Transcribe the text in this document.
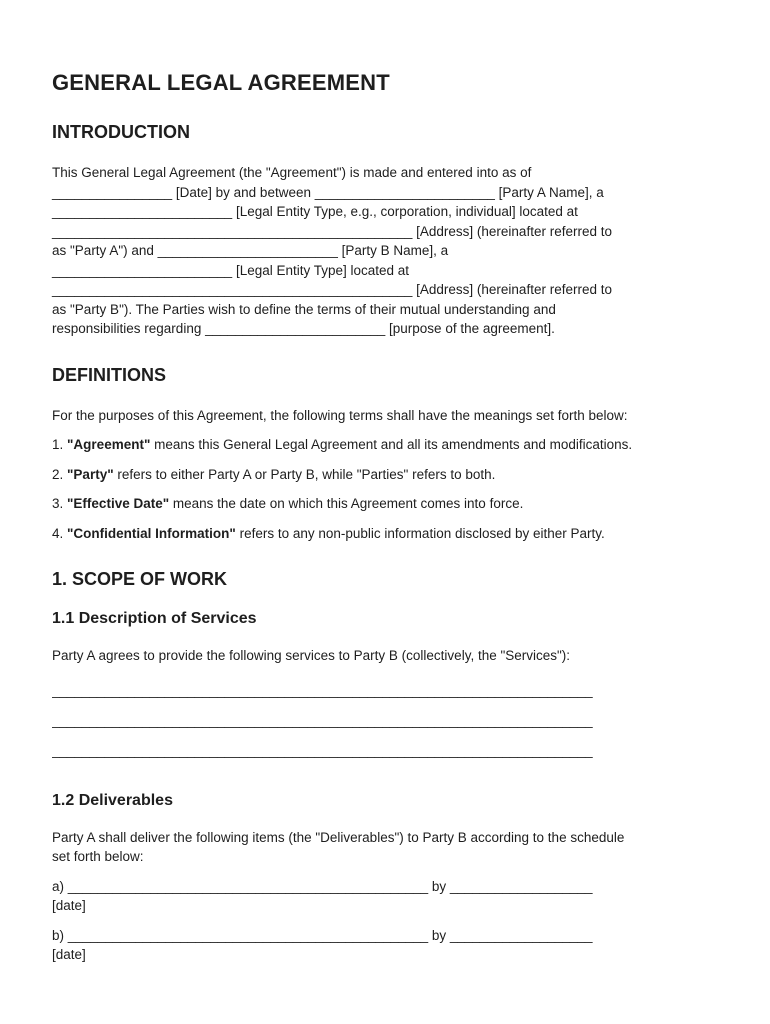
GENERAL LEGAL AGREEMENT
INTRODUCTION

This General Legal Agreement (the "Agreement") is made and entered into as of

________________ [Date] by and between ________________________ [Party A Name], a

________________________ [Legal Entity Type, e.g., corporation, individual] located at

________________________________________________ [Address] (hereinafter referred to

as "Party A") and ________________________ [Party B Name], a

________________________ [Legal Entity Type] located at

________________________________________________ [Address] (hereinafter referred to

as "Party B"). The Parties wish to define the terms of their mutual understanding and

responsibilities regarding ________________________ [purpose of the agreement].

DEFINITIONS

For the purposes of this Agreement, the following terms shall have the meanings set forth below:

1. "Agreement" means this General Legal Agreement and all its amendments and modifications.

2. "Party" refers to either Party A or Party B, while "Parties" refers to both.

3. "Effective Date" means the date on which this Agreement comes into force.

4. "Confidential Information" refers to any non-public information disclosed by either Party.

1. SCOPE OF WORK
1.1 Description of Services

Party A agrees to provide the following services to Party B (collectively, the "Services"):

________________________________________________________________________
________________________________________________________________________
________________________________________________________________________
1.2 Deliverables

Party A shall deliver the following items (the "Deliverables") to Party B according to the schedule

set forth below:

a) ________________________________________________ by ___________________

[date]

b) ________________________________________________ by ___________________

[date]
